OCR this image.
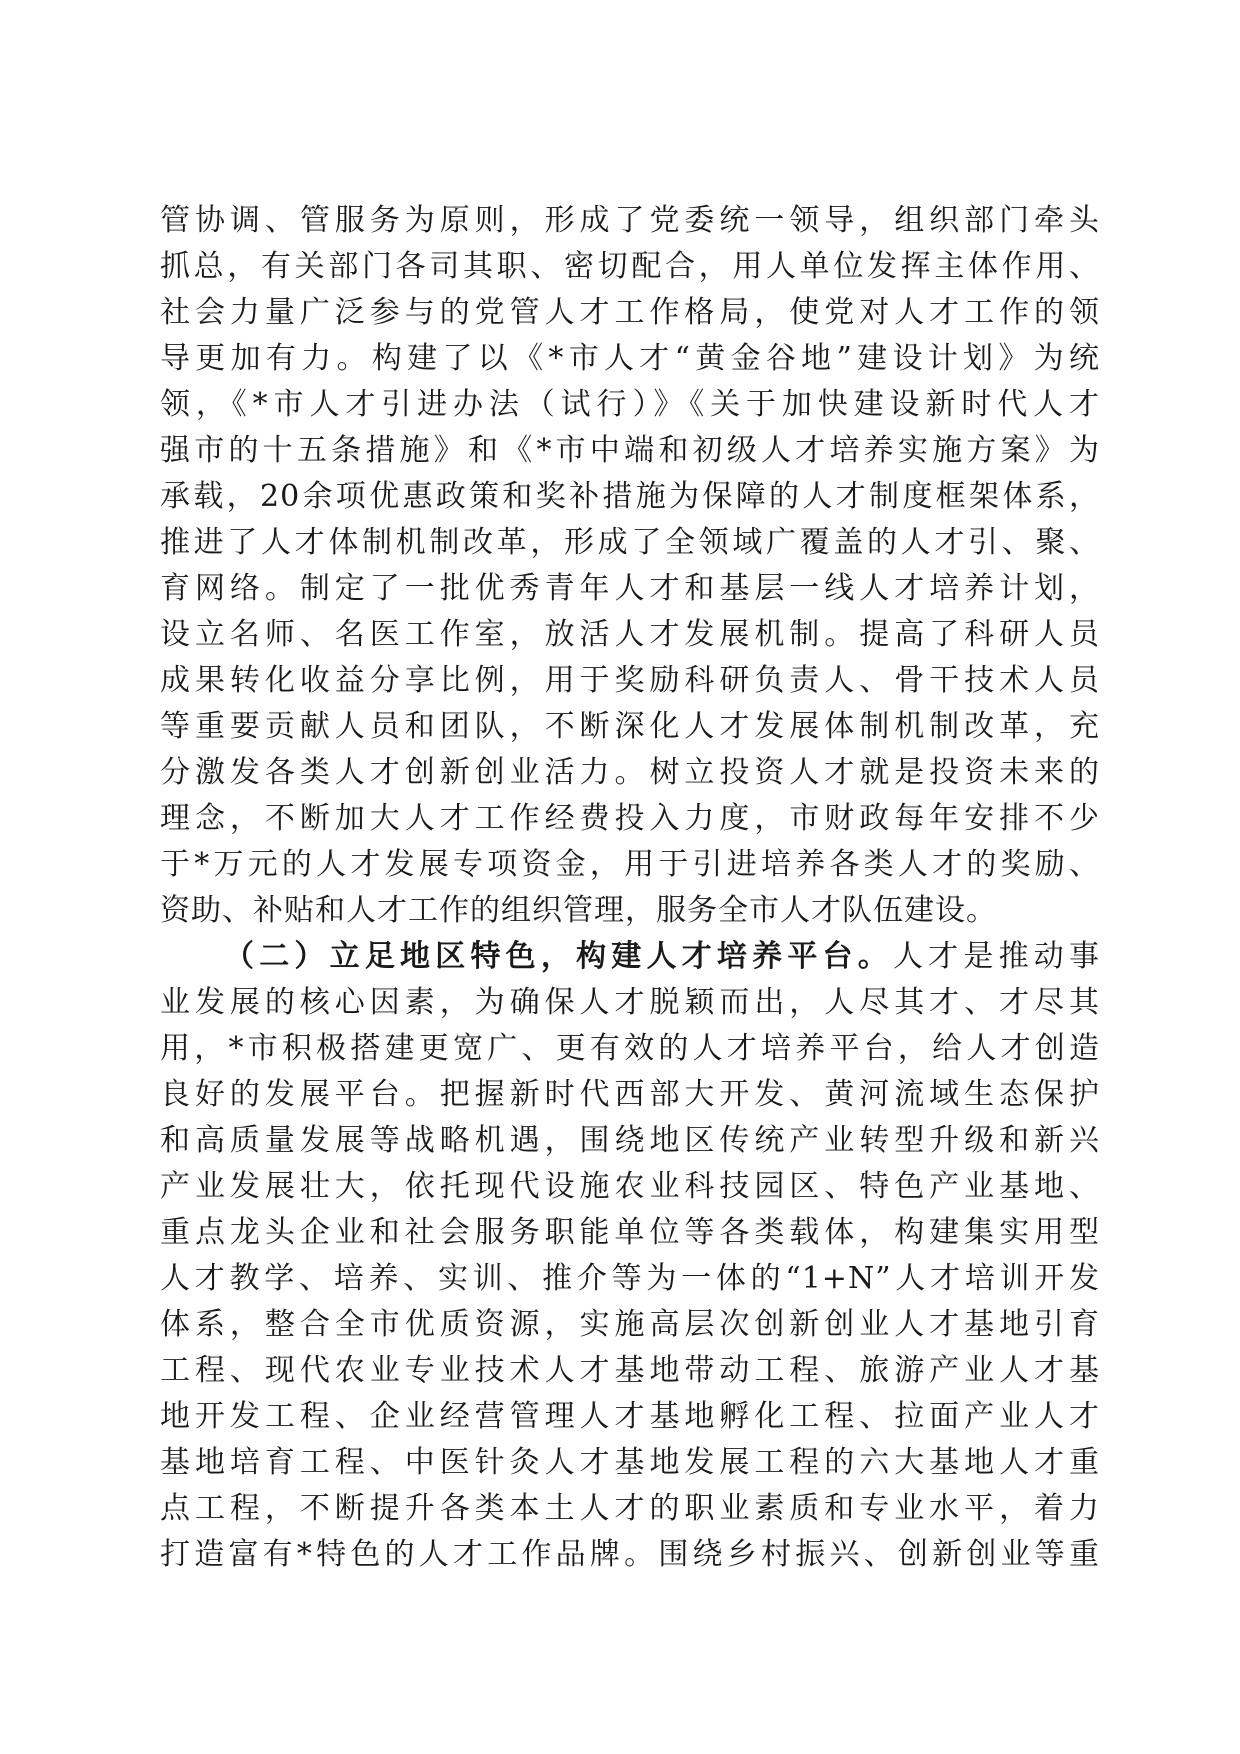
管协调、管服务为原则，形成了党委统一领导，组织部门牵头
抓总，有关部门各司其职、密切配合，用人单位发挥主体作用、
社会力量广泛参与的党管人才工作格局，使党对人才工作的领
导更加有力。构建了以《*市人才“黄金谷地”建设计划》为统
领，《*市人才引进办法（试行）》《关于加快建设新时代人才
强市的十五条措施》和《*市中端和初级人才培养实施方案》为
承载，20余项优惠政策和奖补措施为保障的人才制度框架体系，
推进了人才体制机制改革，形成了全领域广覆盖的人才引、聚、
育网络。制定了一批优秀青年人才和基层一线人才培养计划，
设立名师、名医工作室，放活人才发展机制。提高了科研人员
成果转化收益分享比例，用于奖励科研负责人、骨干技术人员
等重要贡献人员和团队，不断深化人才发展体制机制改革，充
分激发各类人才创新创业活力。树立投资人才就是投资未来的
理念，不断加大人才工作经费投入力度，市财政每年安排不少
于*万元的人才发展专项资金，用于引进培养各类人才的奖励、
资助、补贴和人才工作的组织管理，服务全市人才队伍建设。
（二）立足地区特色，构建人才培养平台。人才是推动事
业发展的核心因素，为确保人才脱颖而出，人尽其才、才尽其
用，*市积极搭建更宽广、更有效的人才培养平台，给人才创造
良好的发展平台。把握新时代西部大开发、黄河流域生态保护
和高质量发展等战略机遇，围绕地区传统产业转型升级和新兴
产业发展壮大，依托现代设施农业科技园区、特色产业基地、
重点龙头企业和社会服务职能单位等各类载体，构建集实用型
人才教学、培养、实训、推介等为一体的“1+N”人才培训开发
体系，整合全市优质资源，实施高层次创新创业人才基地引育
工程、现代农业专业技术人才基地带动工程、旅游产业人才基
地开发工程、企业经营管理人才基地孵化工程、拉面产业人才
基地培育工程、中医针灸人才基地发展工程的六大基地人才重
点工程，不断提升各类本土人才的职业素质和专业水平，着力
打造富有*特色的人才工作品牌。围绕乡村振兴、创新创业等重
